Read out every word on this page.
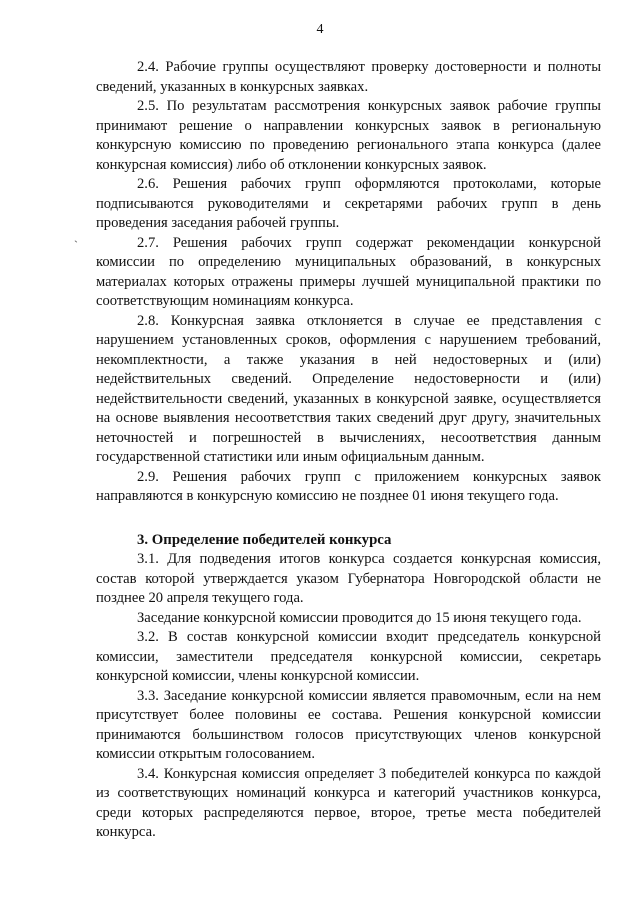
4
`

2.4. Рабочие группы осуществляют проверку достоверности и полноты сведений, указанных в конкурсных заявках.

2.5. По результатам рассмотрения конкурсных заявок рабочие группы принимают решение о направлении конкурсных заявок в региональную конкурсную комиссию по проведению регионального этапа конкурса (далее конкурсная комиссия) либо об отклонении конкурсных заявок.

2.6. Решения рабочих групп оформляются протоколами, которые подписываются руководителями и секретарями рабочих групп в день проведения заседания рабочей группы.

2.7. Решения рабочих групп содержат рекомендации конкурсной комиссии по определению муниципальных образований, в конкурсных материалах которых отражены примеры лучшей муниципальной практики по соответствующим номинациям конкурса.

2.8. Конкурсная заявка отклоняется в случае ее представления с нарушением установленных сроков, оформления с нарушением требований, некомплектности, а также указания в ней недостоверных и (или) недействительных сведений. Определение недостоверности и (или) недействительности сведений, указанных в конкурсной заявке, осуществляется на основе выявления несоответствия таких сведений друг другу, значительных неточностей и погрешностей в вычислениях, несоответствия данным государственной статистики или иным официальным данным.

2.9. Решения рабочих групп с приложением конкурсных заявок направляются в конкурсную комиссию не позднее 01 июня текущего года.

3. Определение победителей конкурса

3.1. Для подведения итогов конкурса создается конкурсная комиссия, состав которой утверждается указом Губернатора Новгородской области не позднее 20 апреля текущего года.

Заседание конкурсной комиссии проводится до 15 июня текущего года.

3.2. В состав конкурсной комиссии входит председатель конкурсной комиссии, заместители председателя конкурсной комиссии, секретарь конкурсной комиссии, члены конкурсной комиссии.

3.3. Заседание конкурсной комиссии является правомочным, если на нем присутствует более половины ее состава. Решения конкурсной комиссии принимаются большинством голосов присутствующих членов конкурсной комиссии открытым голосованием.

3.4. Конкурсная комиссия определяет 3 победителей конкурса по каждой из соответствующих номинаций конкурса и категорий участников конкурса, среди которых распределяются первое, второе, третье места победителей конкурса.
